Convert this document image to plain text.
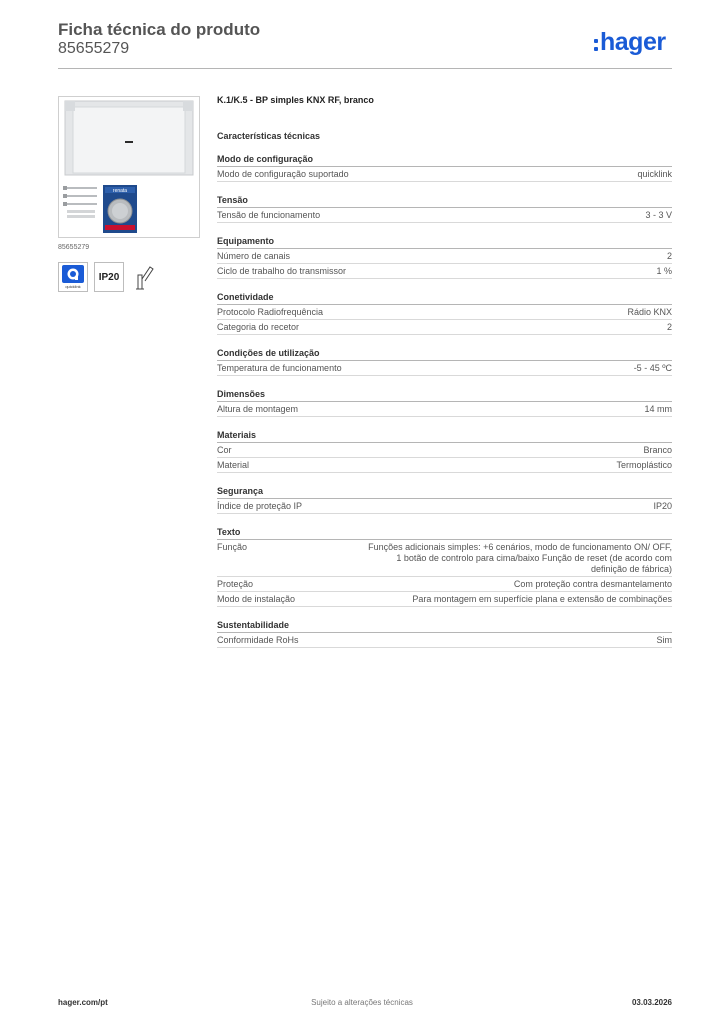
Ficha técnica do produto
85655279	hager
renata
85655279
quicklink
IP20
K.1/K.5 - BP simples KNX RF, branco
Características técnicas
Modo de configuração
Modo de configuração suportado	quicklink
Tensão
Tensão de funcionamento	3 - 3 V
Equipamento
Número de canais	2
Ciclo de trabalho do transmissor	1 %
Conetividade
Protocolo Radiofrequência	Rádio KNX
Categoria do recetor	2
Condições de utilização
Temperatura de funcionamento	-5 - 45 ºC
Dimensões
Altura de montagem	14 mm
Materiais
Cor	Branco
Material	Termoplástico
Segurança
Índice de proteção IP	IP20
Texto
Função	Funções adicionais simples: +6 cenários, modo de funcionamento ON/ OFF, 1 botão de controlo para cima/baixo Função de reset (de acordo com definição de fábrica)
Proteção	Com proteção contra desmantelamento
Modo de instalação	Para montagem em superfície plana e extensão de combinações
Sustentabilidade
Conformidade RoHs	Sim
Sujeito a alterações técnicas
hager.com/pt	03.03.2026
